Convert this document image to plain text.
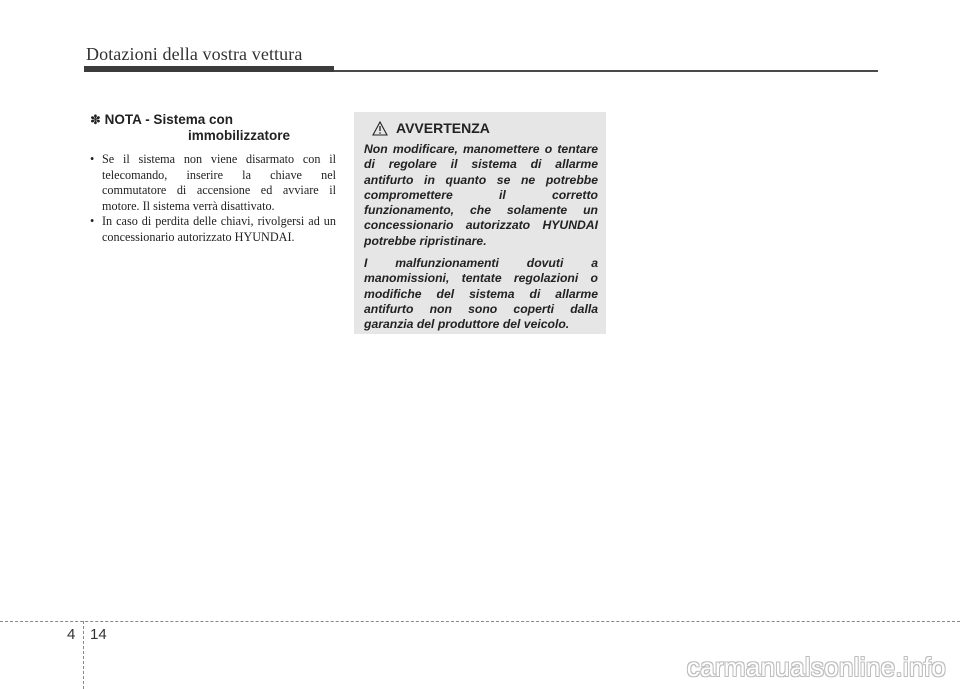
Dotazioni della vostra vettura
✽ NOTA - Sistema con
immobilizzatore
• Se il sistema non viene disarmato con il telecomando, inserire la chiave nel commutatore di accensione ed avviare il motore. Il sistema verrà disattivato.
• In caso di perdita delle chiavi, rivolgersi ad un concessionario autorizzato HYUNDAI.
AVVERTENZA

Non modificare, manomettere o tentare di regolare il sistema di allarme antifurto in quanto se ne potrebbe compromettere il corretto funzionamento, che solamente un concessionario autorizzato HYUNDAI potrebbe ripristinare.

I malfunzionamenti dovuti a manomissioni, tentate regolazioni o modifiche del sistema di allarme antifurto non sono coperti dalla garanzia del produttore del veicolo.

4 14
carmanualsonline.info
